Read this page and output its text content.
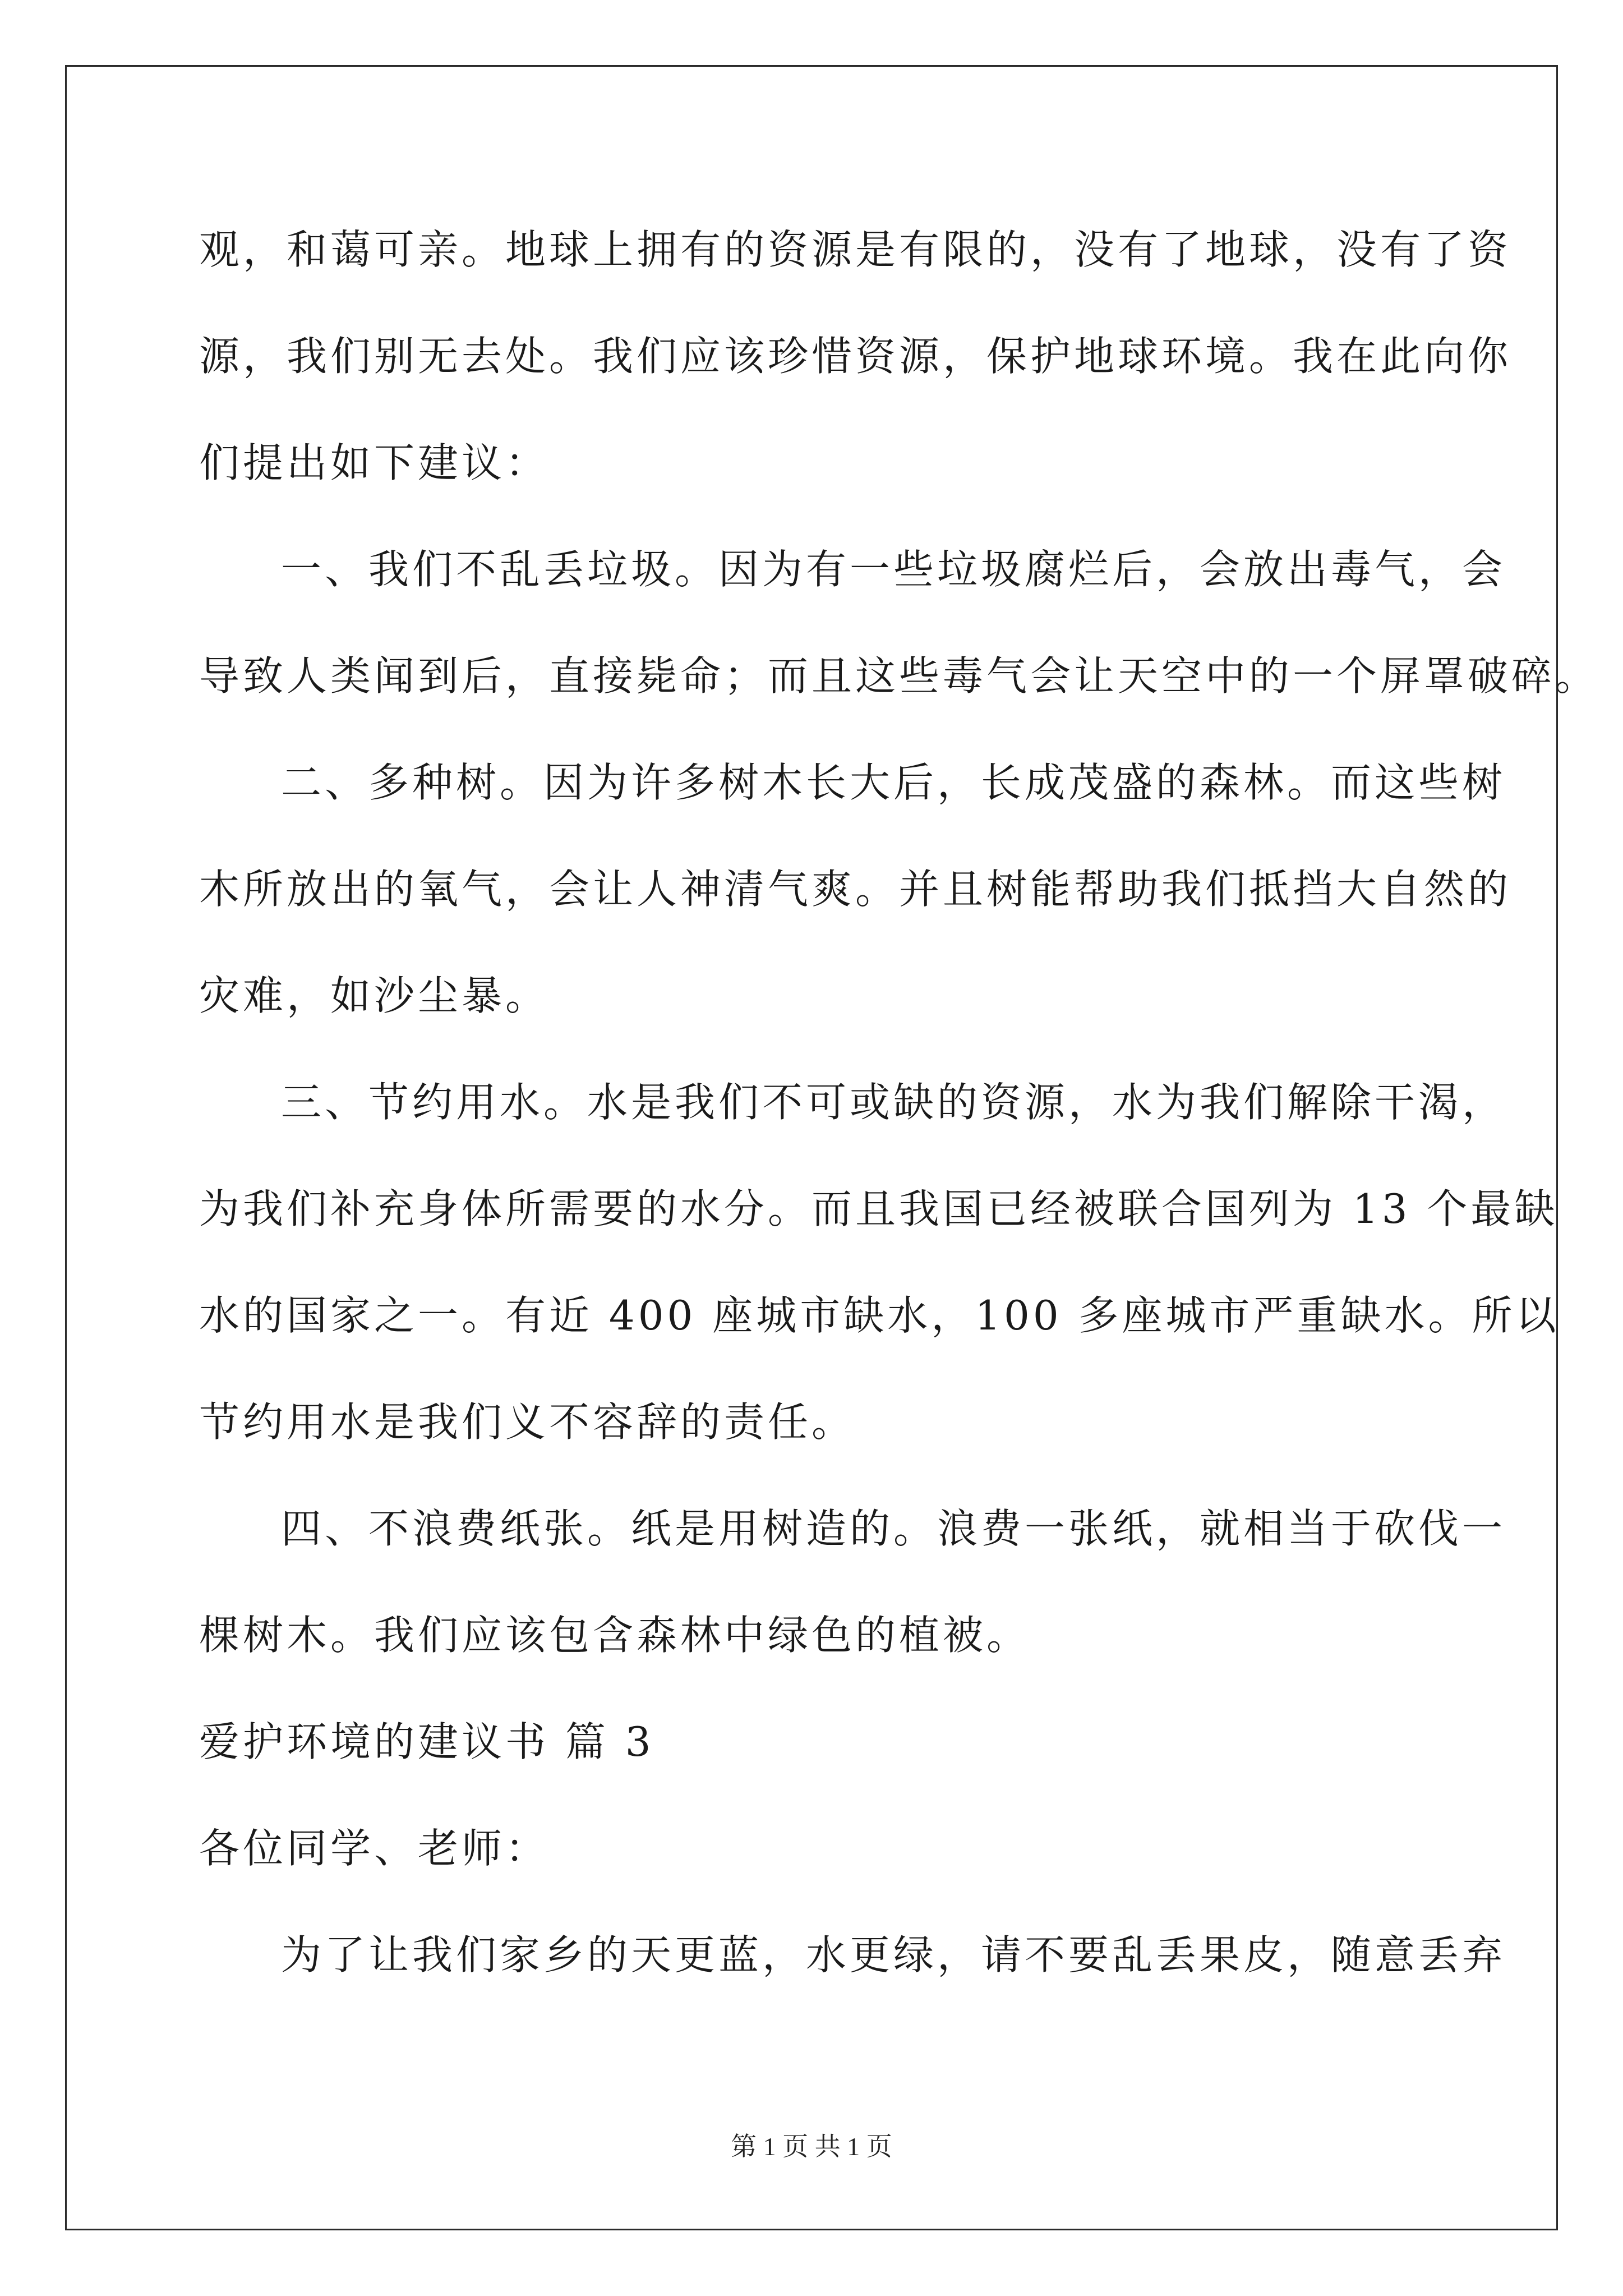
观，和蔼可亲。地球上拥有的资源是有限的，没有了地球，没有了资
源，我们别无去处。我们应该珍惜资源，保护地球环境。我在此向你
们提出如下建议：
一、我们不乱丢垃圾。因为有一些垃圾腐烂后，会放出毒气，会
导致人类闻到后，直接毙命；而且这些毒气会让天空中的一个屏罩破碎。
二、多种树。因为许多树木长大后，长成茂盛的森林。而这些树
木所放出的氧气，会让人神清气爽。并且树能帮助我们抵挡大自然的
灾难，如沙尘暴。
三、节约用水。水是我们不可或缺的资源，水为我们解除干渴，
为我们补充身体所需要的水分。而且我国已经被联合国列为 13 个最缺
水的国家之一。有近 400 座城市缺水，100 多座城市严重缺水。所以
节约用水是我们义不容辞的责任。
四、不浪费纸张。纸是用树造的。浪费一张纸，就相当于砍伐一
棵树木。我们应该包含森林中绿色的植被。
爱护环境的建议书 篇 3
各位同学、老师：
为了让我们家乡的天更蓝，水更绿，请不要乱丢果皮，随意丢弃
第 1 页 共 1 页
